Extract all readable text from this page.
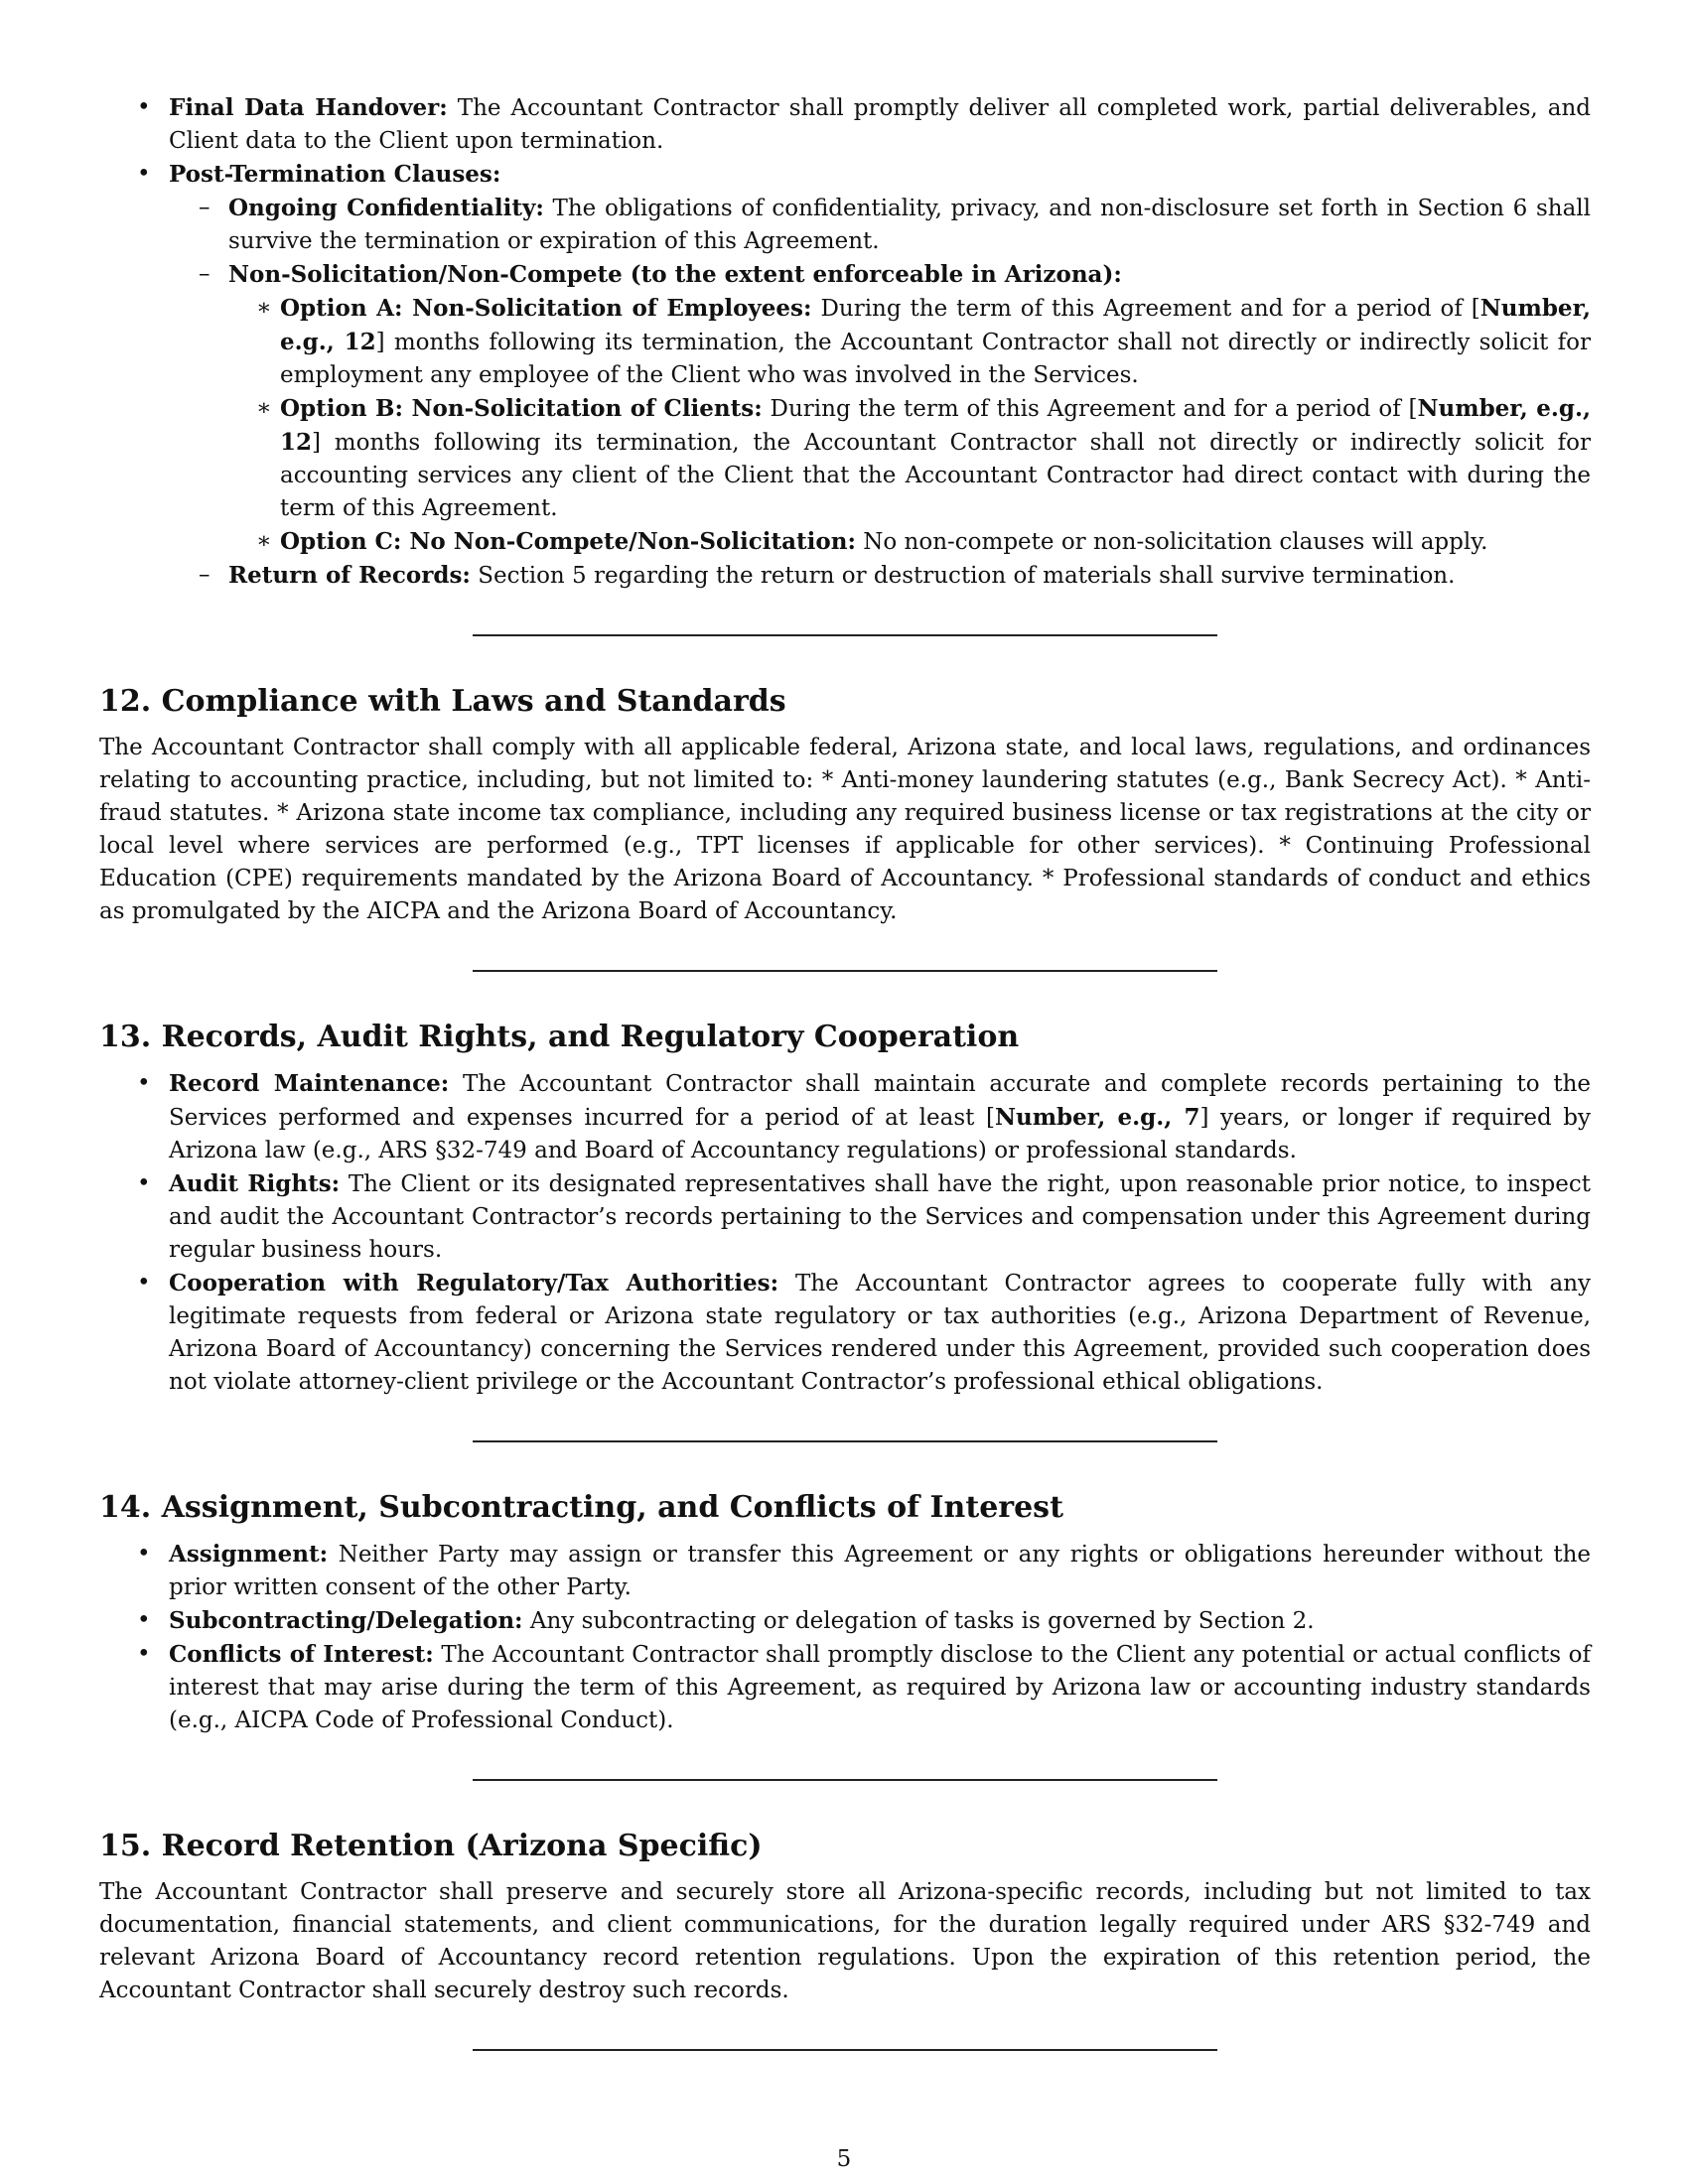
• Final Data Handover: The Accountant Contractor shall promptly deliver all completed work, partial deliverables, and Client data to the Client upon termination.
• Post-Termination Clauses:
– Ongoing Confidentiality: The obligations of confidentiality, privacy, and non-disclosure set forth in Section 6 shall survive the termination or expiration of this Agreement.
– Non-Solicitation/Non-Compete (to the extent enforceable in Arizona):
∗ Option A: Non-Solicitation of Employees: During the term of this Agreement and for a period of [Number, e.g., 12] months following its termination, the Accountant Contractor shall not directly or indirectly solicit for employment any employee of the Client who was involved in the Services.
∗ Option B: Non-Solicitation of Clients: During the term of this Agreement and for a period of [Number, e.g., 12] months following its termination, the Accountant Contractor shall not directly or indirectly solicit for accounting services any client of the Client that the Accountant Contractor had direct contact with during the term of this Agreement.
∗ Option C: No Non-Compete/Non-Solicitation: No non-compete or non-solicitation clauses will apply.
– Return of Records: Section 5 regarding the return or destruction of materials shall survive termination.
12. Compliance with Laws and Standards

The Accountant Contractor shall comply with all applicable federal, Arizona state, and local laws, regulations, and ordinances relating to accounting practice, including, but not limited to: * Anti-money laundering statutes (e.g., Bank Secrecy Act). * Anti-fraud statutes. * Arizona state income tax compliance, including any required business license or tax registrations at the city or local level where services are performed (e.g., TPT licenses if applicable for other services). * Continuing Professional Education (CPE) requirements mandated by the Arizona Board of Accountancy. * Professional standards of conduct and ethics as promulgated by the AICPA and the Arizona Board of Accountancy.

13. Records, Audit Rights, and Regulatory Cooperation
• Record Maintenance: The Accountant Contractor shall maintain accurate and complete records pertaining to the Services performed and expenses incurred for a period of at least [Number, e.g., 7] years, or longer if required by Arizona law (e.g., ARS §32-749 and Board of Accountancy regulations) or professional standards.
• Audit Rights: The Client or its designated representatives shall have the right, upon reasonable prior notice, to inspect and audit the Accountant Contractor’s records pertaining to the Services and compensation under this Agreement during regular business hours.
• Cooperation with Regulatory/Tax Authorities: The Accountant Contractor agrees to cooperate fully with any legitimate requests from federal or Arizona state regulatory or tax authorities (e.g., Arizona Department of Revenue, Arizona Board of Accountancy) concerning the Services rendered under this Agreement, provided such cooperation does not violate attorney-client privilege or the Accountant Contractor’s professional ethical obligations.
14. Assignment, Subcontracting, and Conflicts of Interest
• Assignment: Neither Party may assign or transfer this Agreement or any rights or obligations hereunder without the prior written consent of the other Party.
• Subcontracting/Delegation: Any subcontracting or delegation of tasks is governed by Section 2.
• Conflicts of Interest: The Accountant Contractor shall promptly disclose to the Client any potential or actual conflicts of interest that may arise during the term of this Agreement, as required by Arizona law or accounting industry standards (e.g., AICPA Code of Professional Conduct).
15. Record Retention (Arizona Specific)

The Accountant Contractor shall preserve and securely store all Arizona-specific records, including but not limited to tax documentation, financial statements, and client communications, for the duration legally required under ARS §32-749 and relevant Arizona Board of Accountancy record retention regulations. Upon the expiration of this retention period, the Accountant Contractor shall securely destroy such records.

5
